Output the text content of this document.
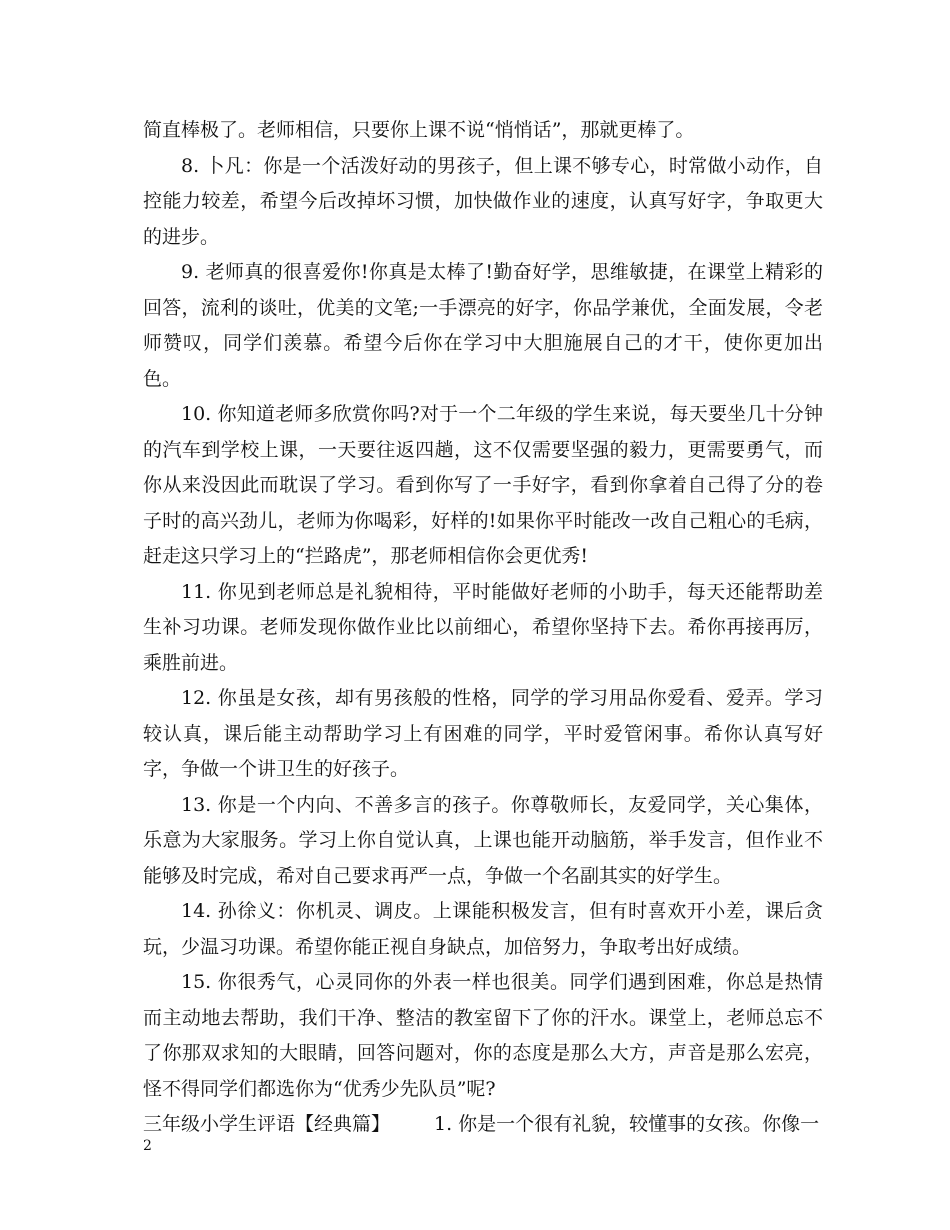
简直棒极了。老师相信，只要你上课不说“悄悄话”，那就更棒了。

8. 卜凡：你是一个活泼好动的男孩子，但上课不够专心，时常做小动作，自控能力较差，希望今后改掉坏习惯，加快做作业的速度，认真写好字，争取更大的进步。

9. 老师真的很喜爱你!你真是太棒了!勤奋好学，思维敏捷，在课堂上精彩的回答，流利的谈吐，优美的文笔;一手漂亮的好字，你品学兼优，全面发展，令老师赞叹，同学们羡慕。希望今后你在学习中大胆施展自己的才干，使你更加出色。

10. 你知道老师多欣赏你吗?对于一个二年级的学生来说，每天要坐几十分钟的汽车到学校上课，一天要往返四趟，这不仅需要坚强的毅力，更需要勇气，而你从来没因此而耽误了学习。看到你写了一手好字，看到你拿着自己得了分的卷子时的高兴劲儿，老师为你喝彩，好样的!如果你平时能改一改自己粗心的毛病，赶走这只学习上的“拦路虎”，那老师相信你会更优秀!

11. 你见到老师总是礼貌相待，平时能做好老师的小助手，每天还能帮助差生补习功课。老师发现你做作业比以前细心，希望你坚持下去。希你再接再厉，乘胜前进。

12. 你虽是女孩，却有男孩般的性格，同学的学习用品你爱看、爱弄。学习较认真，课后能主动帮助学习上有困难的同学，平时爱管闲事。希你认真写好字，争做一个讲卫生的好孩子。

13. 你是一个内向、不善多言的孩子。你尊敬师长，友爱同学，关心集体，乐意为大家服务。学习上你自觉认真，上课也能开动脑筋，举手发言，但作业不能够及时完成，希对自己要求再严一点，争做一个名副其实的好学生。

14. 孙徐义：你机灵、调皮。上课能积极发言，但有时喜欢开小差，课后贪玩，少温习功课。希望你能正视自身缺点，加倍努力，争取考出好成绩。

15. 你很秀气，心灵同你的外表一样也很美。同学们遇到困难，你总是热情而主动地去帮助，我们干净、整洁的教室留下了你的汗水。课堂上，老师总忘不了你那双求知的大眼睛，回答问题对，你的态度是那么大方，声音是那么宏亮，怪不得同学们都选你为“优秀少先队员”呢?

三年级小学生评语【经典篇】 1. 你是一个很有礼貌，较懂事的女孩。你像一

2
